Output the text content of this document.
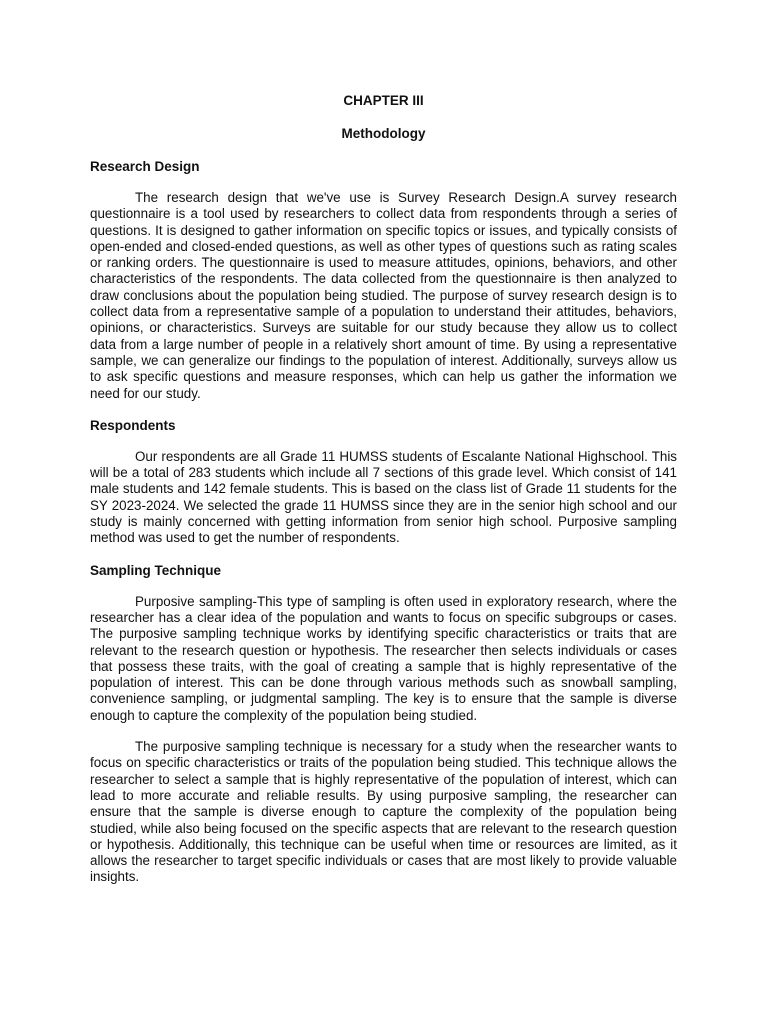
CHAPTER III

Methodology

Research Design

The research design that we've use is Survey Research Design.A survey research questionnaire is a tool used by researchers to collect data from respondents through a series of questions. It is designed to gather information on specific topics or issues, and typically consists of open-ended and closed-ended questions, as well as other types of questions such as rating scales or ranking orders. The questionnaire is used to measure attitudes, opinions, behaviors, and other characteristics of the respondents. The data collected from the questionnaire is then analyzed to draw conclusions about the population being studied. The purpose of survey research design is to collect data from a representative sample of a population to understand their attitudes, behaviors, opinions, or characteristics. Surveys are suitable for our study because they allow us to collect data from a large number of people in a relatively short amount of time. By using a representative sample, we can generalize our findings to the population of interest. Additionally, surveys allow us to ask specific questions and measure responses, which can help us gather the information we need for our study.

Respondents

Our respondents are all Grade 11 HUMSS students of Escalante National Highschool. This will be a total of 283 students which include all 7 sections of this grade level. Which consist of 141 male students and 142 female students. This is based on the class list of Grade 11 students for the SY 2023-2024. We selected the grade 11 HUMSS since they are in the senior high school and our study is mainly concerned with getting information from senior high school. Purposive sampling method was used to get the number of respondents.

Sampling Technique

Purposive sampling-This type of sampling is often used in exploratory research, where the researcher has a clear idea of the population and wants to focus on specific subgroups or cases. The purposive sampling technique works by identifying specific characteristics or traits that are relevant to the research question or hypothesis. The researcher then selects individuals or cases that possess these traits, with the goal of creating a sample that is highly representative of the population of interest. This can be done through various methods such as snowball sampling, convenience sampling, or judgmental sampling. The key is to ensure that the sample is diverse enough to capture the complexity of the population being studied.

The purposive sampling technique is necessary for a study when the researcher wants to focus on specific characteristics or traits of the population being studied. This technique allows the researcher to select a sample that is highly representative of the population of interest, which can lead to more accurate and reliable results. By using purposive sampling, the researcher can ensure that the sample is diverse enough to capture the complexity of the population being studied, while also being focused on the specific aspects that are relevant to the research question or hypothesis. Additionally, this technique can be useful when time or resources are limited, as it allows the researcher to target specific individuals or cases that are most likely to provide valuable insights.
